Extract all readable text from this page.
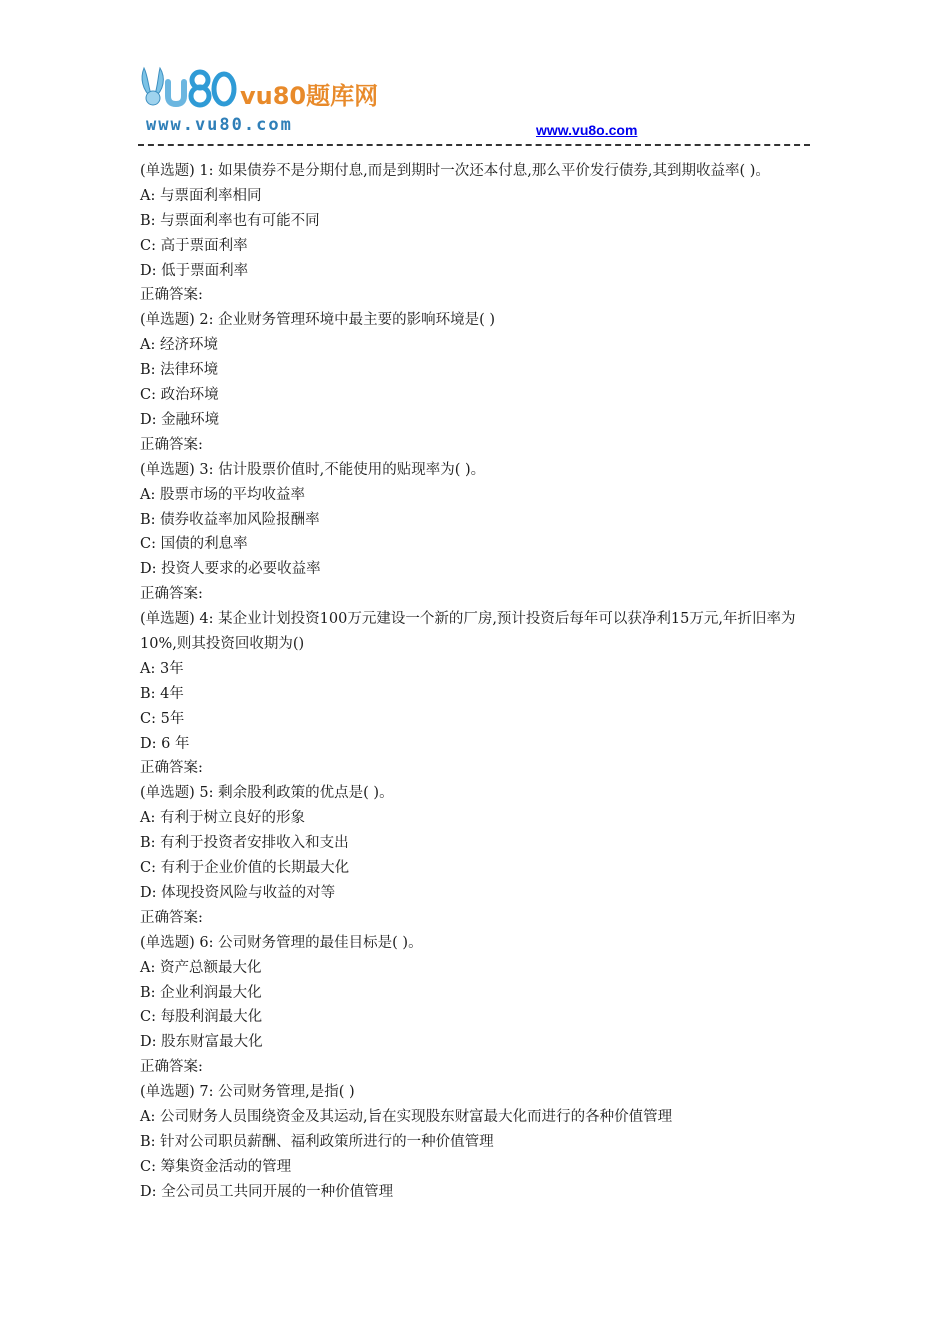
vu80题库网
www.vu80.com	www.vu8o.com
(单选题) 1: 如果债券不是分期付息,而是到期时一次还本付息,那么平价发行债券,其到期收益率( )。
A: 与票面利率相同
B: 与票面利率也有可能不同
C: 高于票面利率
D: 低于票面利率
正确答案:
(单选题) 2: 企业财务管理环境中最主要的影响环境是( )
A: 经济环境
B: 法律环境
C: 政治环境
D: 金融环境
正确答案:
(单选题) 3: 估计股票价值时,不能使用的贴现率为( )。
A: 股票市场的平均收益率
B: 债券收益率加风险报酬率
C: 国债的利息率
D: 投资人要求的必要收益率
正确答案:
(单选题) 4: 某企业计划投资100万元建设一个新的厂房,预计投资后每年可以获净利15万元,年折旧率为10%,则其投资回收期为()
A: 3年
B: 4年
C: 5年
D: 6 年
正确答案:
(单选题) 5: 剩余股利政策的优点是( )。
A: 有利于树立良好的形象
B: 有利于投资者安排收入和支出
C: 有利于企业价值的长期最大化
D: 体现投资风险与收益的对等
正确答案:
(单选题) 6: 公司财务管理的最佳目标是( )。
A: 资产总额最大化
B: 企业利润最大化
C: 每股利润最大化
D: 股东财富最大化
正确答案:
(单选题) 7: 公司财务管理,是指( )
A: 公司财务人员围绕资金及其运动,旨在实现股东财富最大化而进行的各种价值管理
B: 针对公司职员薪酬、福利政策所进行的一种价值管理
C: 筹集资金活动的管理
D: 全公司员工共同开展的一种价值管理
